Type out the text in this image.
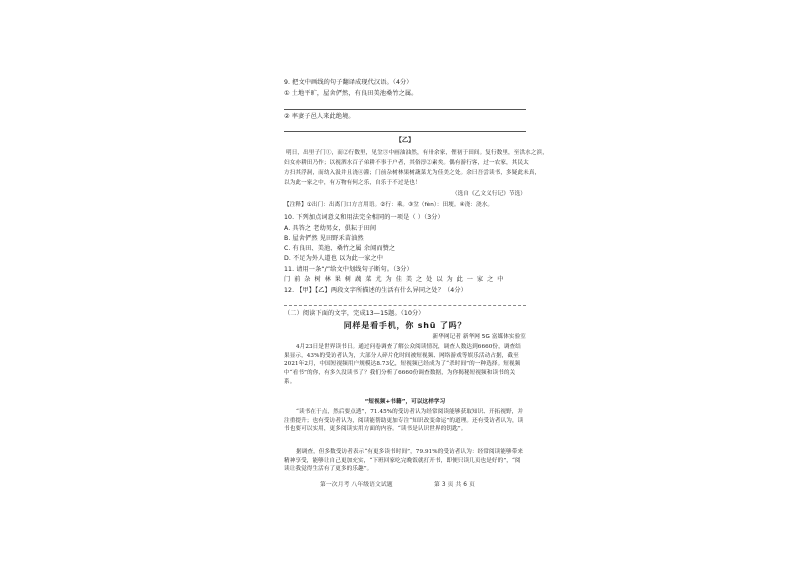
9. 把文中画线的句子翻译成现代汉语。（4分）
① 土地平旷，屋舍俨然，有良田美池桑竹之属。
② 率妻子邑人来此绝境。
【乙】
明日，出里子门①，而②行数里，见坌③中画油油然，有卅余家，俚初于田间。复行数里，至洪水之滨，
妇女亦耕田乃作；以视泗水百子弟耕不事于户者，其俗淳②素矣。偶有游行客，过一农家，其民太
方扫其浮洞，而幼入汲井且浇④灌；门前杂树林果树蔬菜尤为佳美之处。余曰吾尝读书，多疑此未真，
以为此一家之中，有万物有何之乐，自乐于不过是也！
（选自《乙文义行记》节选）
【注释】①出门：出离门口方言用语。②行：乘。③坌（fèn）：田埂。④浇：浇水。
10. 下列加点词意义和用法完全相同的一项是（ ）（3分）
A. 具答之 老幼男女，俱耘于田间
B. 屋舍俨然 见田野禾苗油然
C. 有良田、美池、桑竹之属 余闻而赞之
D. 不足为外人道也 以为此一家之中
11. 请用一条“/”给文中划线句子断句。（3分）
门 前 杂 树 林 果 树 蔬 菜 尤 为 佳 美 之 处 以 为 此 一 家 之 中
12. 【甲】【乙】两段文字所描述的生活有什么异同之处？（4分）
（二）阅读下面的文字，完成13—15题。（10分）
同样是看手机，你 shū 了吗？
新华网记者 新华网 5G 富媒体实验室
4月23日是世界读书日。通过问卷调查了解公众阅读情况，调查人数达到6660份，调查结果显示，43%的受访者认为，大部分人碎片化时间被短视频、网络游戏等娱乐活动占据，截至2021年2月，中国短视频用户规模达8.73亿，短视频已经成为了“杀时间”的一种选择。短视频中“看书”的你，有多久没读书了？我们分析了6660份调查数据，为你揭秘短视频和读书的关系。
“短视频+书籍”，可以这样学习
“读书在于点，然后要点透”，71.45%的受访者认为经常阅读能够获取知识、开拓视野，并注重提升；也有受访者认为，阅读能帮助更加专注“知识改变命运”的道理。还有受访者认为，读书也要可以实用，更多阅读实用方面的内容。“读书是认识世界的钥匙”。
据调查，但多数受访者表示“有更多读书时间”，79.91%的受访者认为：经常阅读能够带来精神享受，能够让自己更加充实，“下班回家吃完晚饭就打开书，即便只读几页也是好的”，“阅读让我觉得生活有了更多的乐趣”。
第一次月考 八年级语文试题	第 3 页 共 6 页
